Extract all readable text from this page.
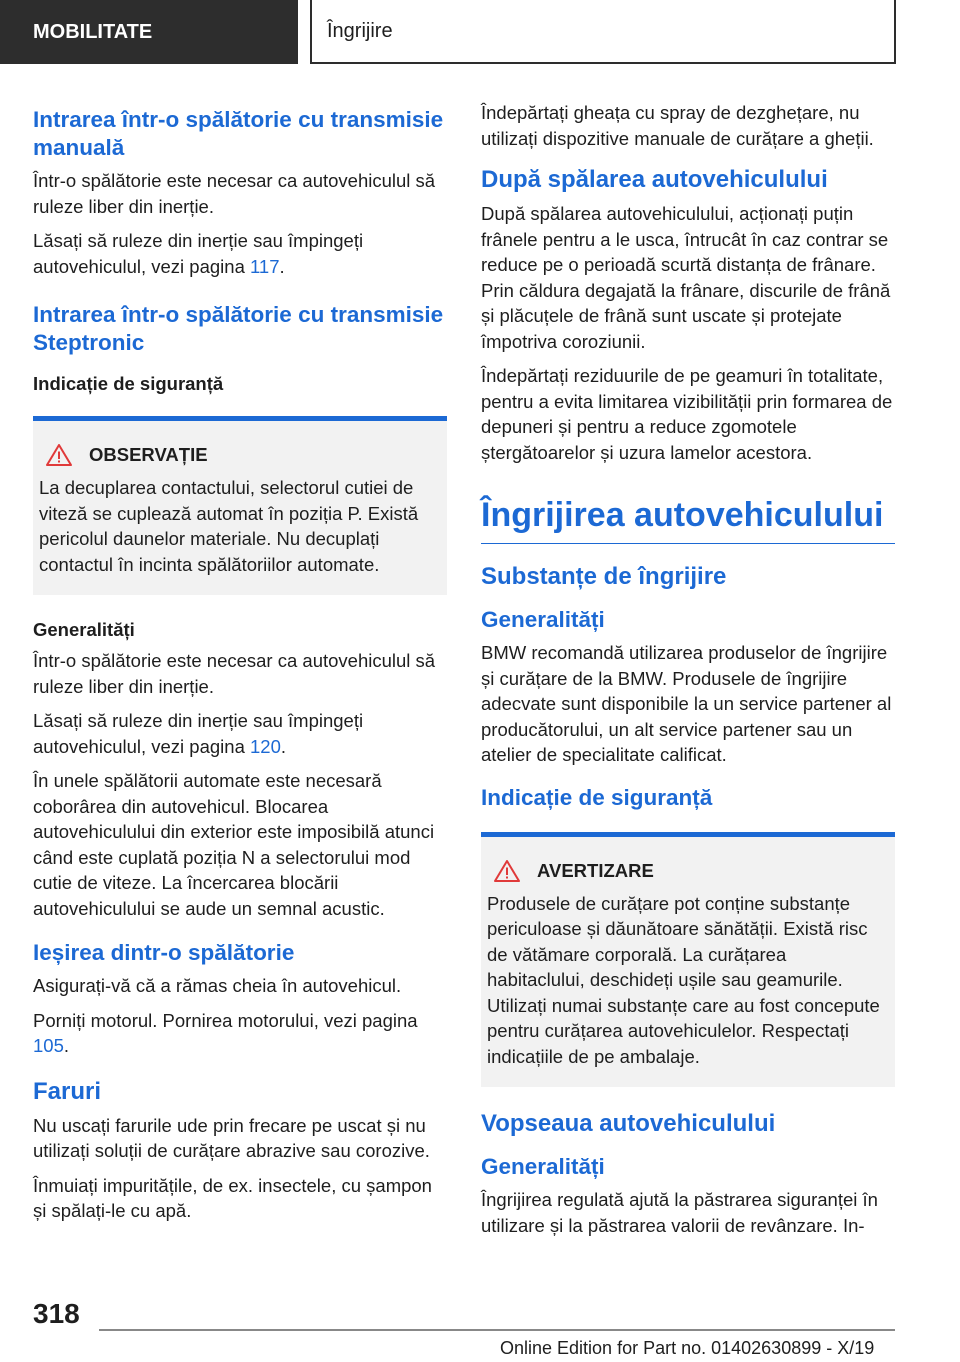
MOBILITATE	Îngrijire
Intrarea într-o spălătorie cu transmisie manuală

Într-o spălătorie este necesar ca autovehiculul să ruleze liber din inerție.

Lăsați să ruleze din inerție sau împingeți autovehiculul, vezi pagina 117.

Intrarea într-o spălătorie cu transmisie Steptronic
Indicație de siguranță
OBSERVAȚIE

La decuplarea contactului, selectorul cutiei de viteză se cuplează automat în poziția P. Există pericolul daunelor materiale. Nu decuplați contactul în incinta spălătoriilor automate.

Generalități

Într-o spălătorie este necesar ca autovehiculul să ruleze liber din inerție.

Lăsați să ruleze din inerție sau împingeți autovehiculul, vezi pagina 120.

În unele spălătorii automate este necesară coborârea din autovehicul. Blocarea autovehiculului din exterior este imposibilă atunci când este cuplată poziția N a selectorului mod cutie de viteze. La încercarea blocării autovehiculului se aude un semnal acustic.

Ieșirea dintr-o spălătorie

Asigurați-vă că a rămas cheia în autovehicul.

Porniți motorul. Pornirea motorului, vezi pagina 105.

Faruri

Nu uscați farurile ude prin frecare pe uscat și nu utilizați soluții de curățare abrazive sau corozive.

Înmuiați impuritățile, de ex. insectele, cu șampon și spălați-le cu apă.

Îndepărtați gheața cu spray de dezghețare, nu utilizați dispozitive manuale de curățare a gheții.

După spălarea autovehiculului

După spălarea autovehiculului, acționați puțin frânele pentru a le usca, întrucât în caz contrar se reduce pe o perioadă scurtă distanța de frânare. Prin căldura degajată la frânare, discurile de frână și plăcuțele de frână sunt uscate și protejate împotriva coroziunii.

Îndepărtați reziduurile de pe geamuri în totalitate, pentru a evita limitarea vizibilității prin formarea de depuneri și pentru a reduce zgomotele ștergătoarelor și uzura lamelor acestora.

Îngrijirea autovehiculului
Substanțe de îngrijire
Generalități

BMW recomandă utilizarea produselor de îngrijire și curățare de la BMW. Produsele de îngrijire adecvate sunt disponibile la un service partener al producătorului, un alt service partener sau un atelier de specialitate calificat.

Indicație de siguranță
AVERTIZARE

Produsele de curățare pot conține substanțe periculoase și dăunătoare sănătății. Există risc de vătămare corporală. La curățarea habitaclului, deschideți ușile sau geamurile. Utilizați numai substanțe care au fost concepute pentru curățarea autovehiculelor. Respectați indicațiile de pe ambalaje.

Vopseaua autovehiculului
Generalități

Îngrijirea regulată ajută la păstrarea siguranței în utilizare și la păstrarea valorii de revânzare. In-

318
Online Edition for Part no. 01402630899 - X/19
